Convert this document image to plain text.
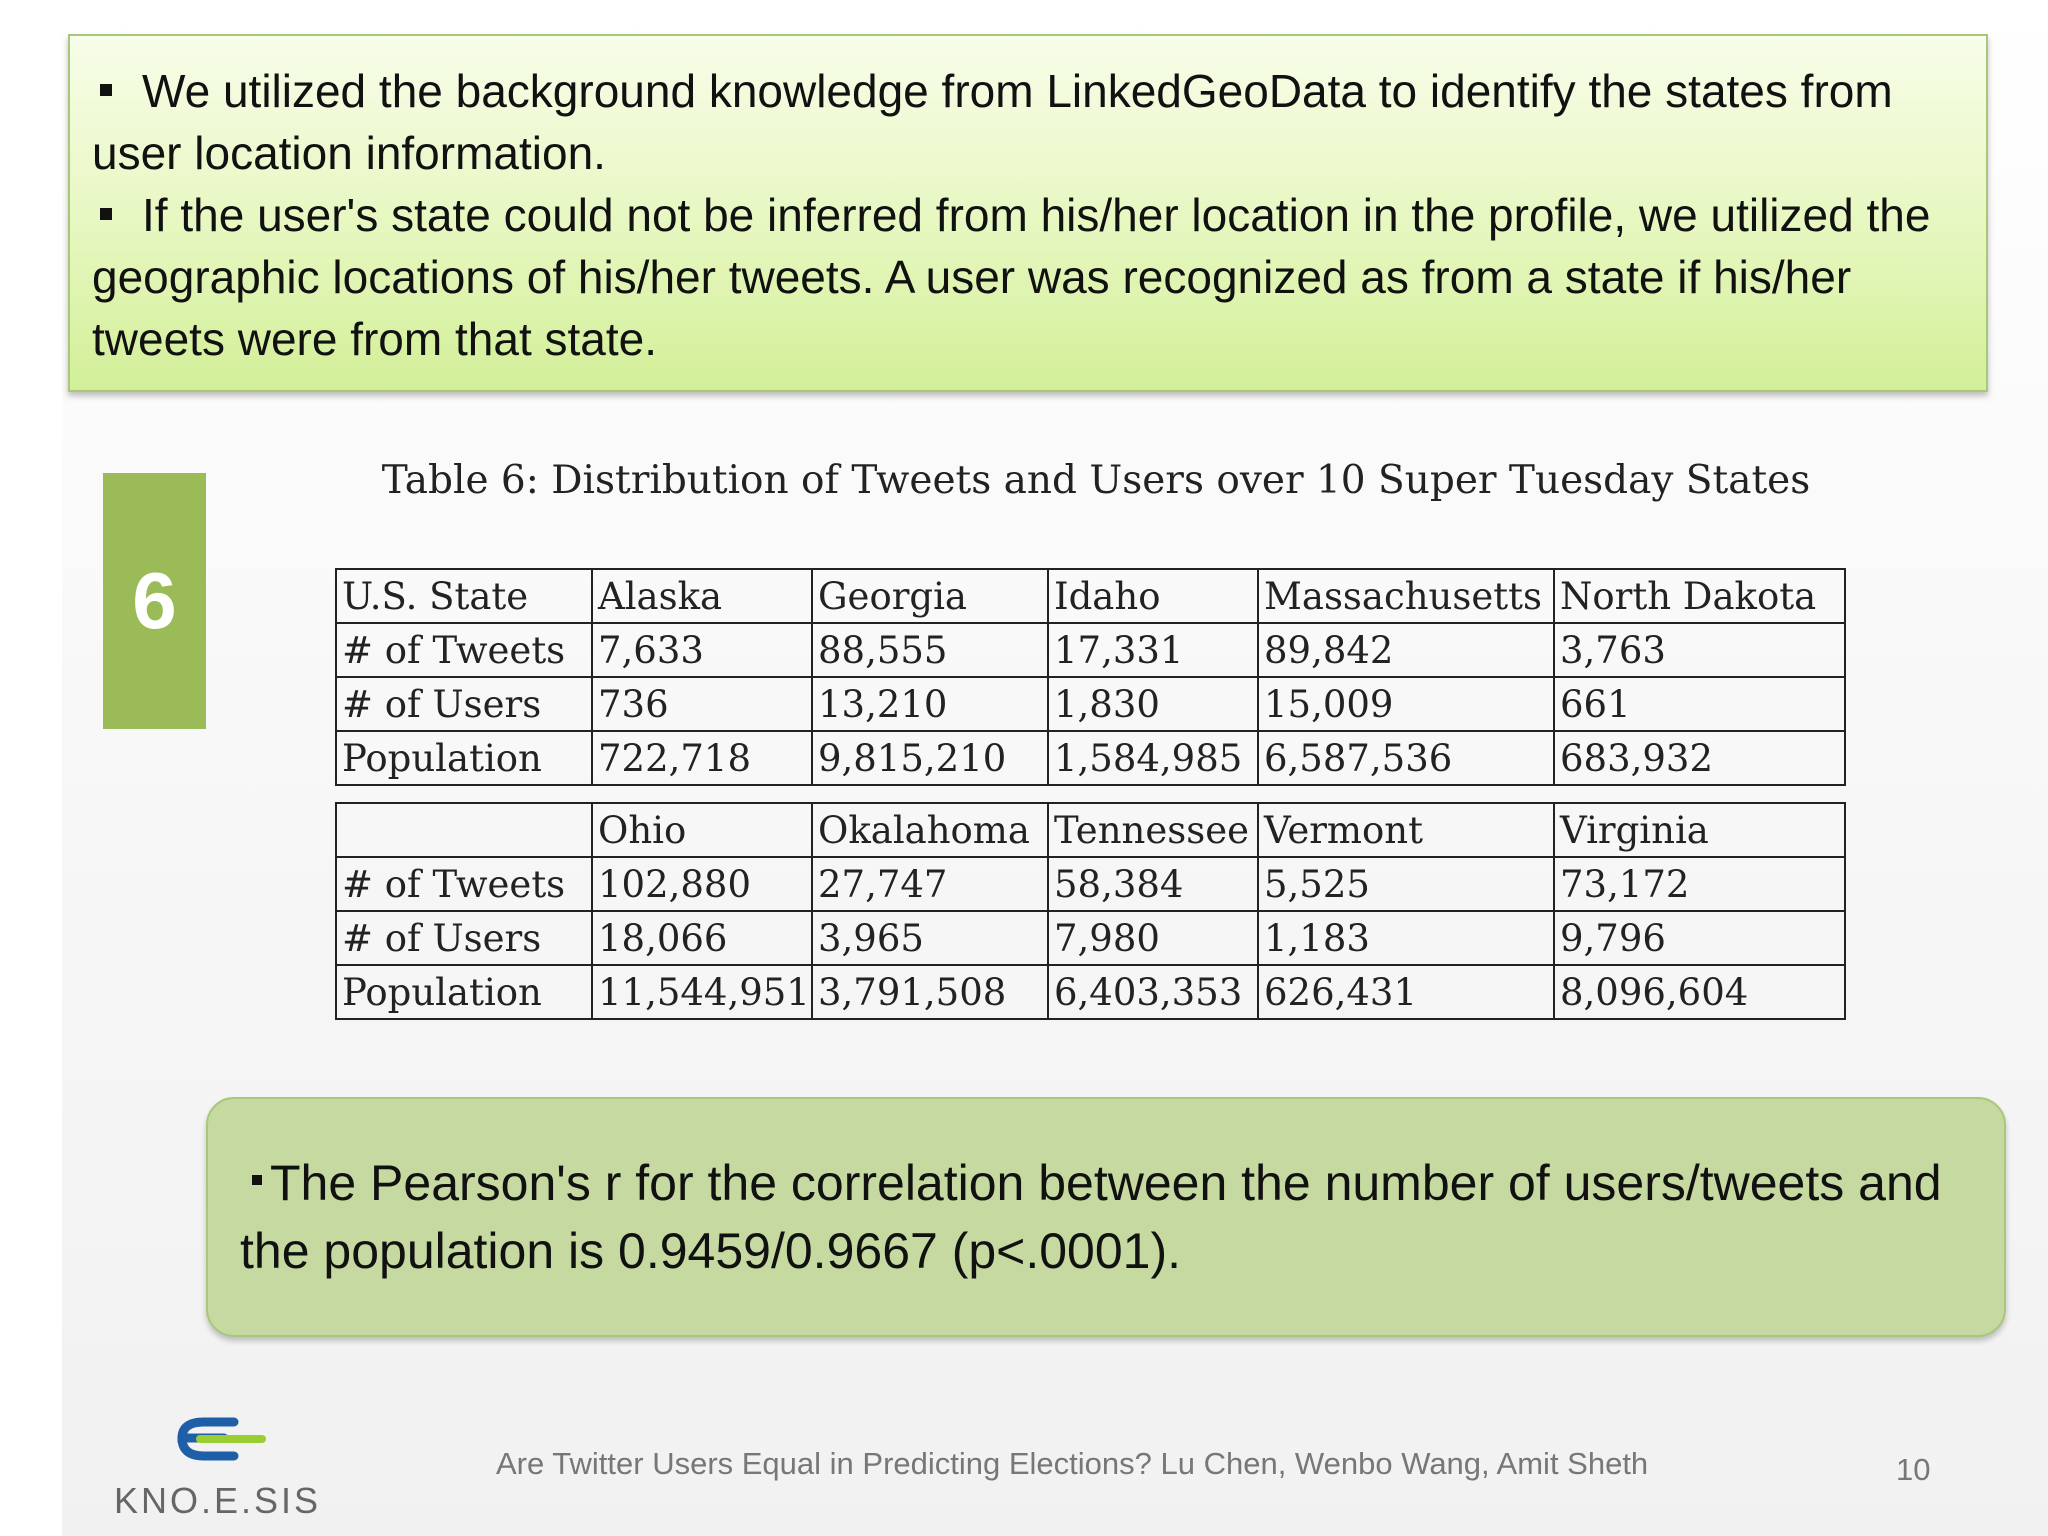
We utilized the background knowledge from LinkedGeoData to identify the states from user location information.

If the user's state could not be inferred from his/her location in the profile, we utilized the geographic locations of his/her tweets. A user was recognized as from a state if his/her tweets were from that state.

6
Table 6: Distribution of Tweets and Users over 10 Super Tuesday States
U.S. State	Alaska	Georgia	Idaho	Massachusetts	North Dakota
# of Tweets	7,633	88,555	17,331	89,842	3,763
# of Users	736	13,210	1,830	15,009	661
Population	722,718	9,815,210	1,584,985	6,587,536	683,932
	Ohio	Okalahoma	Tennessee	Vermont	Virginia
# of Tweets	102,880	27,747	58,384	5,525	73,172
# of Users	18,066	3,965	7,980	1,183	9,796
Population	11,544,951	3,791,508	6,403,353	626,431	8,096,604

The Pearson's r for the correlation between the number of users/tweets and the population is 0.9459/0.9667 (p<.0001).

KNO.E.SIS
Are Twitter Users Equal in Predicting Elections? Lu Chen, Wenbo Wang, Amit Sheth	10
